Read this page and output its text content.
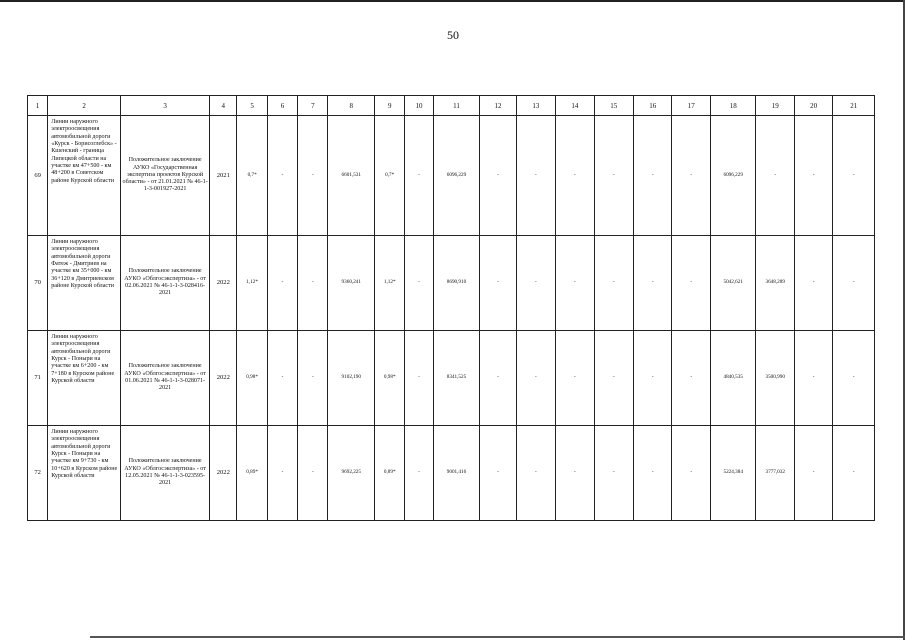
50
1	2	3	4	5	6	7	8	9	10	11	12	13	14	15	16	17	18	19	20	21
69	Линии наружного электроосвещения автомобильной дороги «Курск - Борисоглебск» - Кшенский - граница Липецкой области на участке км 47+500 - км 48+200 в Советском районе Курской области	Положительное заключение АУКО «Государственная экспертиза проектов Курской области» - от 21.01.2021 № 46-1-1-3-001927-2021	2021	0,7*	-	-	6601,531	0,7*	-	6096,229	-	-	-	-	-	-	6096,229	-	-	-
70	Линии наружного электроосвещения автомобильной дороги Фатеж - Дмитриев на участке км 35+000 - км 36+120 в Дмитриевском районе Курской области	Положительное заключение АУКО «Облгосэкспертиза» - от 02.06.2021 № 46-1-1-3-028416-2021	2022	1,12*	-	-	9360,241	1,12*	-	8690,910	-	-	-	-	-	-	5042,621	3648,289	-	-
71	Линии наружного электроосвещения автомобильной дороги Курск - Поныри на участке км 6+200 - км 7+180 в Курском районе Курской области	Положительное заключение АУКО «Облгосэкспертиза» - от 01.06.2021 № 46-1-1-3-028071-2021	2022	0,98*	-	-	9102,190	0,98*	-	8341,525	-	-	-	-	-	-	4840,535	3500,990	-	-
72	Линии наружного электроосвещения автомобильной дороги Курск - Поныри на участке км 9+730 - км 10+620 в Курском районе Курской области	Положительное заключение АУКО «Облгосэкспертиза» - от 12.05.2021 № 46-1-1-3-023595-2021	2022	0,89*	-	-	9692,225	0,89*	-	9001,416	-	-	-	-	-	-	5224,384	3777,032	-	-
